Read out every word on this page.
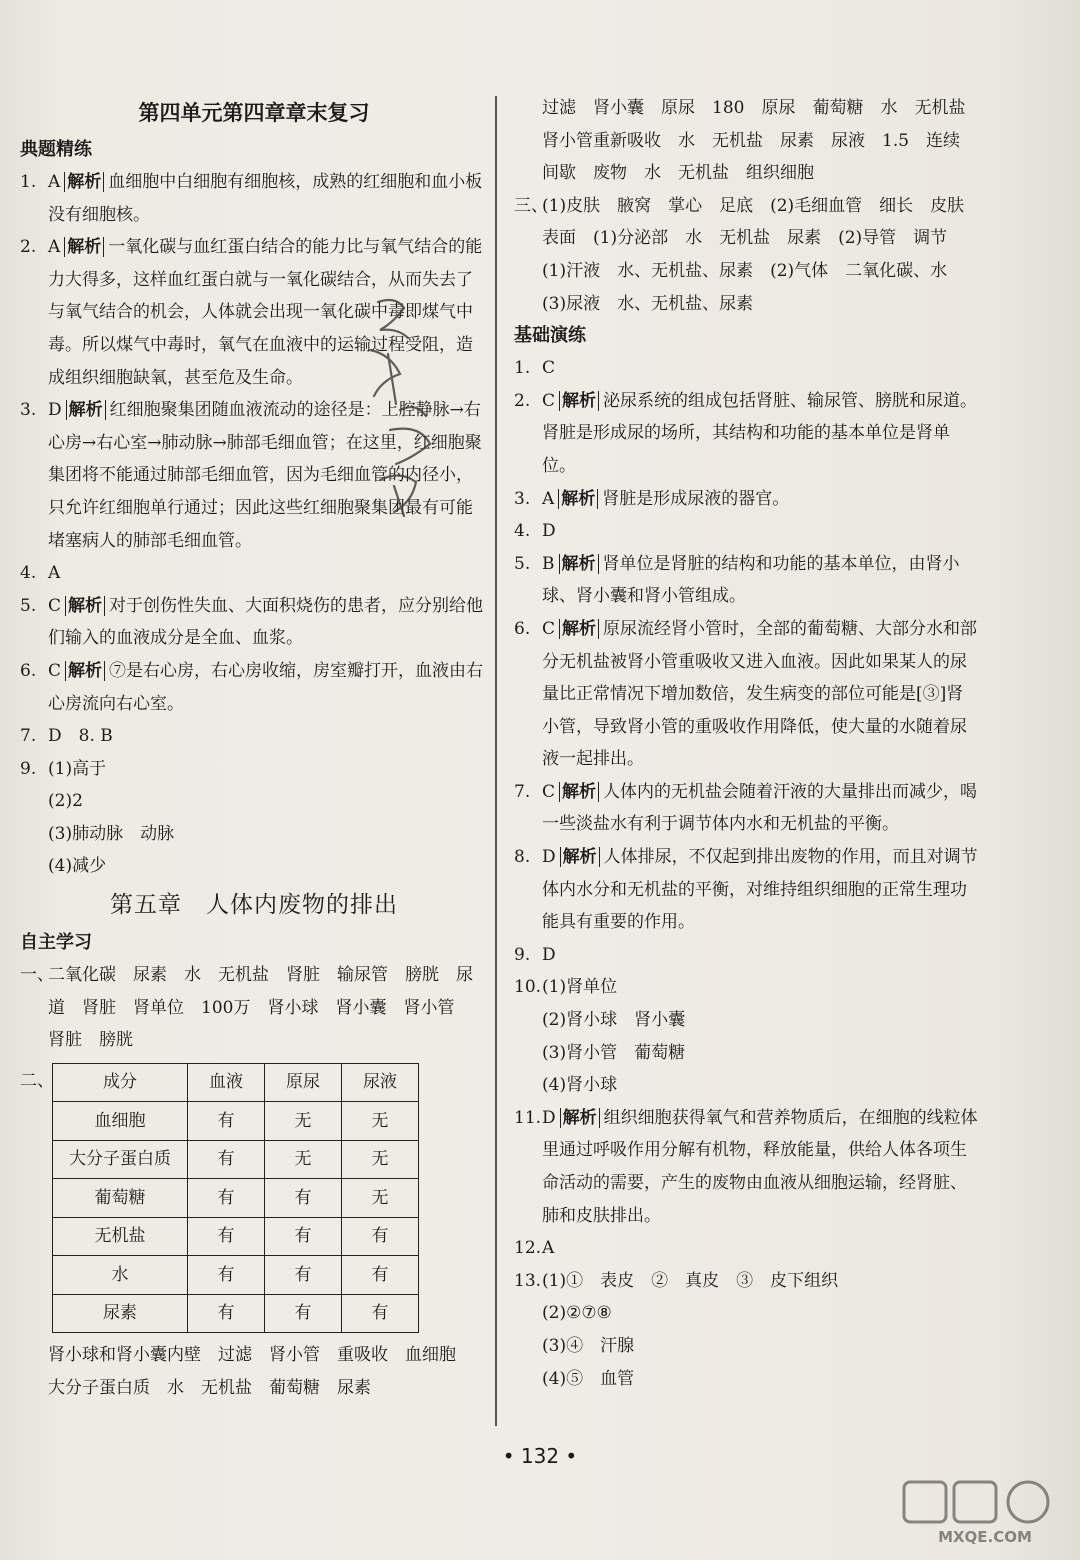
第四单元第四章章末复习
典题精练
1. A 解析 血细胞中白细胞有细胞核，成熟的红细胞和血小板没有细胞核。
2. A 解析 一氧化碳与血红蛋白结合的能力比与氧气结合的能力大得多，这样血红蛋白就与一氧化碳结合，从而失去了与氧气结合的机会，人体就会出现一氧化碳中毒即煤气中毒。所以煤气中毒时，氧气在血液中的运输过程受阻，造成组织细胞缺氧，甚至危及生命。
3. D 解析 红细胞聚集团随血液流动的途径是：上腔静脉→右心房→右心室→肺动脉→肺部毛细血管；在这里，红细胞聚集团将不能通过肺部毛细血管，因为毛细血管的内径小，只允许红细胞单行通过；因此这些红细胞聚集团最有可能堵塞病人的肺部毛细血管。
4. A
5. C 解析 对于创伤性失血、大面积烧伤的患者，应分别给他们输入的血液成分是全血、血浆。
6. C 解析 ⑦是右心房，右心房收缩，房室瓣打开，血液由右心房流向右心室。
7. D　8. B
9. (1)高于
(2)2
(3)肺动脉　动脉
(4)减少
第五章　人体内废物的排出
自主学习
一、二氧化碳　尿素　水　无机盐　肾脏　输尿管　膀胱　尿道　肾脏　肾单位　100万　肾小球　肾小囊　肾小管　肾脏　膀胱
二、	成分	血液	原尿	尿液
血细胞	有	无	无
大分子蛋白质	有	无	无
葡萄糖	有	有	无
无机盐	有	有	有
水	有	有	有
尿素	有	有	有
肾小球和肾小囊内壁　过滤　肾小管　重吸收　血细胞　大分子蛋白质　水　无机盐　葡萄糖　尿素
过滤　肾小囊　原尿　180　原尿　葡萄糖　水　无机盐　肾小管重新吸收　水　无机盐　尿素　尿液　1.5　连续　间歇　废物　水　无机盐　组织细胞
三、(1)皮肤　腋窝　掌心　足底　(2)毛细血管　细长　皮肤表面　(1)分泌部　水　无机盐　尿素　(2)导管　调节　(1)汗液　水、无机盐、尿素　(2)气体　二氧化碳、水　(3)尿液　水、无机盐、尿素
基础演练
1. C
2. C 解析 泌尿系统的组成包括肾脏、输尿管、膀胱和尿道。肾脏是形成尿的场所，其结构和功能的基本单位是肾单位。
3. A 解析 肾脏是形成尿液的器官。
4. D
5. B 解析 肾单位是肾脏的结构和功能的基本单位，由肾小球、肾小囊和肾小管组成。
6. C 解析 原尿流经肾小管时，全部的葡萄糖、大部分水和部分无机盐被肾小管重吸收又进入血液。因此如果某人的尿量比正常情况下增加数倍，发生病变的部位可能是[③]肾小管，导致肾小管的重吸收作用降低，使大量的水随着尿液一起排出。
7. C 解析 人体内的无机盐会随着汗液的大量排出而减少，喝一些淡盐水有利于调节体内水和无机盐的平衡。
8. D 解析 人体排尿，不仅起到排出废物的作用，而且对调节体内水分和无机盐的平衡，对维持组织细胞的正常生理功能具有重要的作用。
9. D
10.(1)肾单位
(2)肾小球　肾小囊
(3)肾小管　葡萄糖
(4)肾小球
11.D 解析 组织细胞获得氧气和营养物质后，在细胞的线粒体里通过呼吸作用分解有机物，释放能量，供给人体各项生命活动的需要，产生的废物由血液从细胞运输，经肾脏、肺和皮肤排出。
12.A
13.(1)①　表皮　②　真皮　③　皮下组织
(2)②⑦⑧
(3)④　汗腺
(4)⑤　血管
• 132 •
MXQE.COM
